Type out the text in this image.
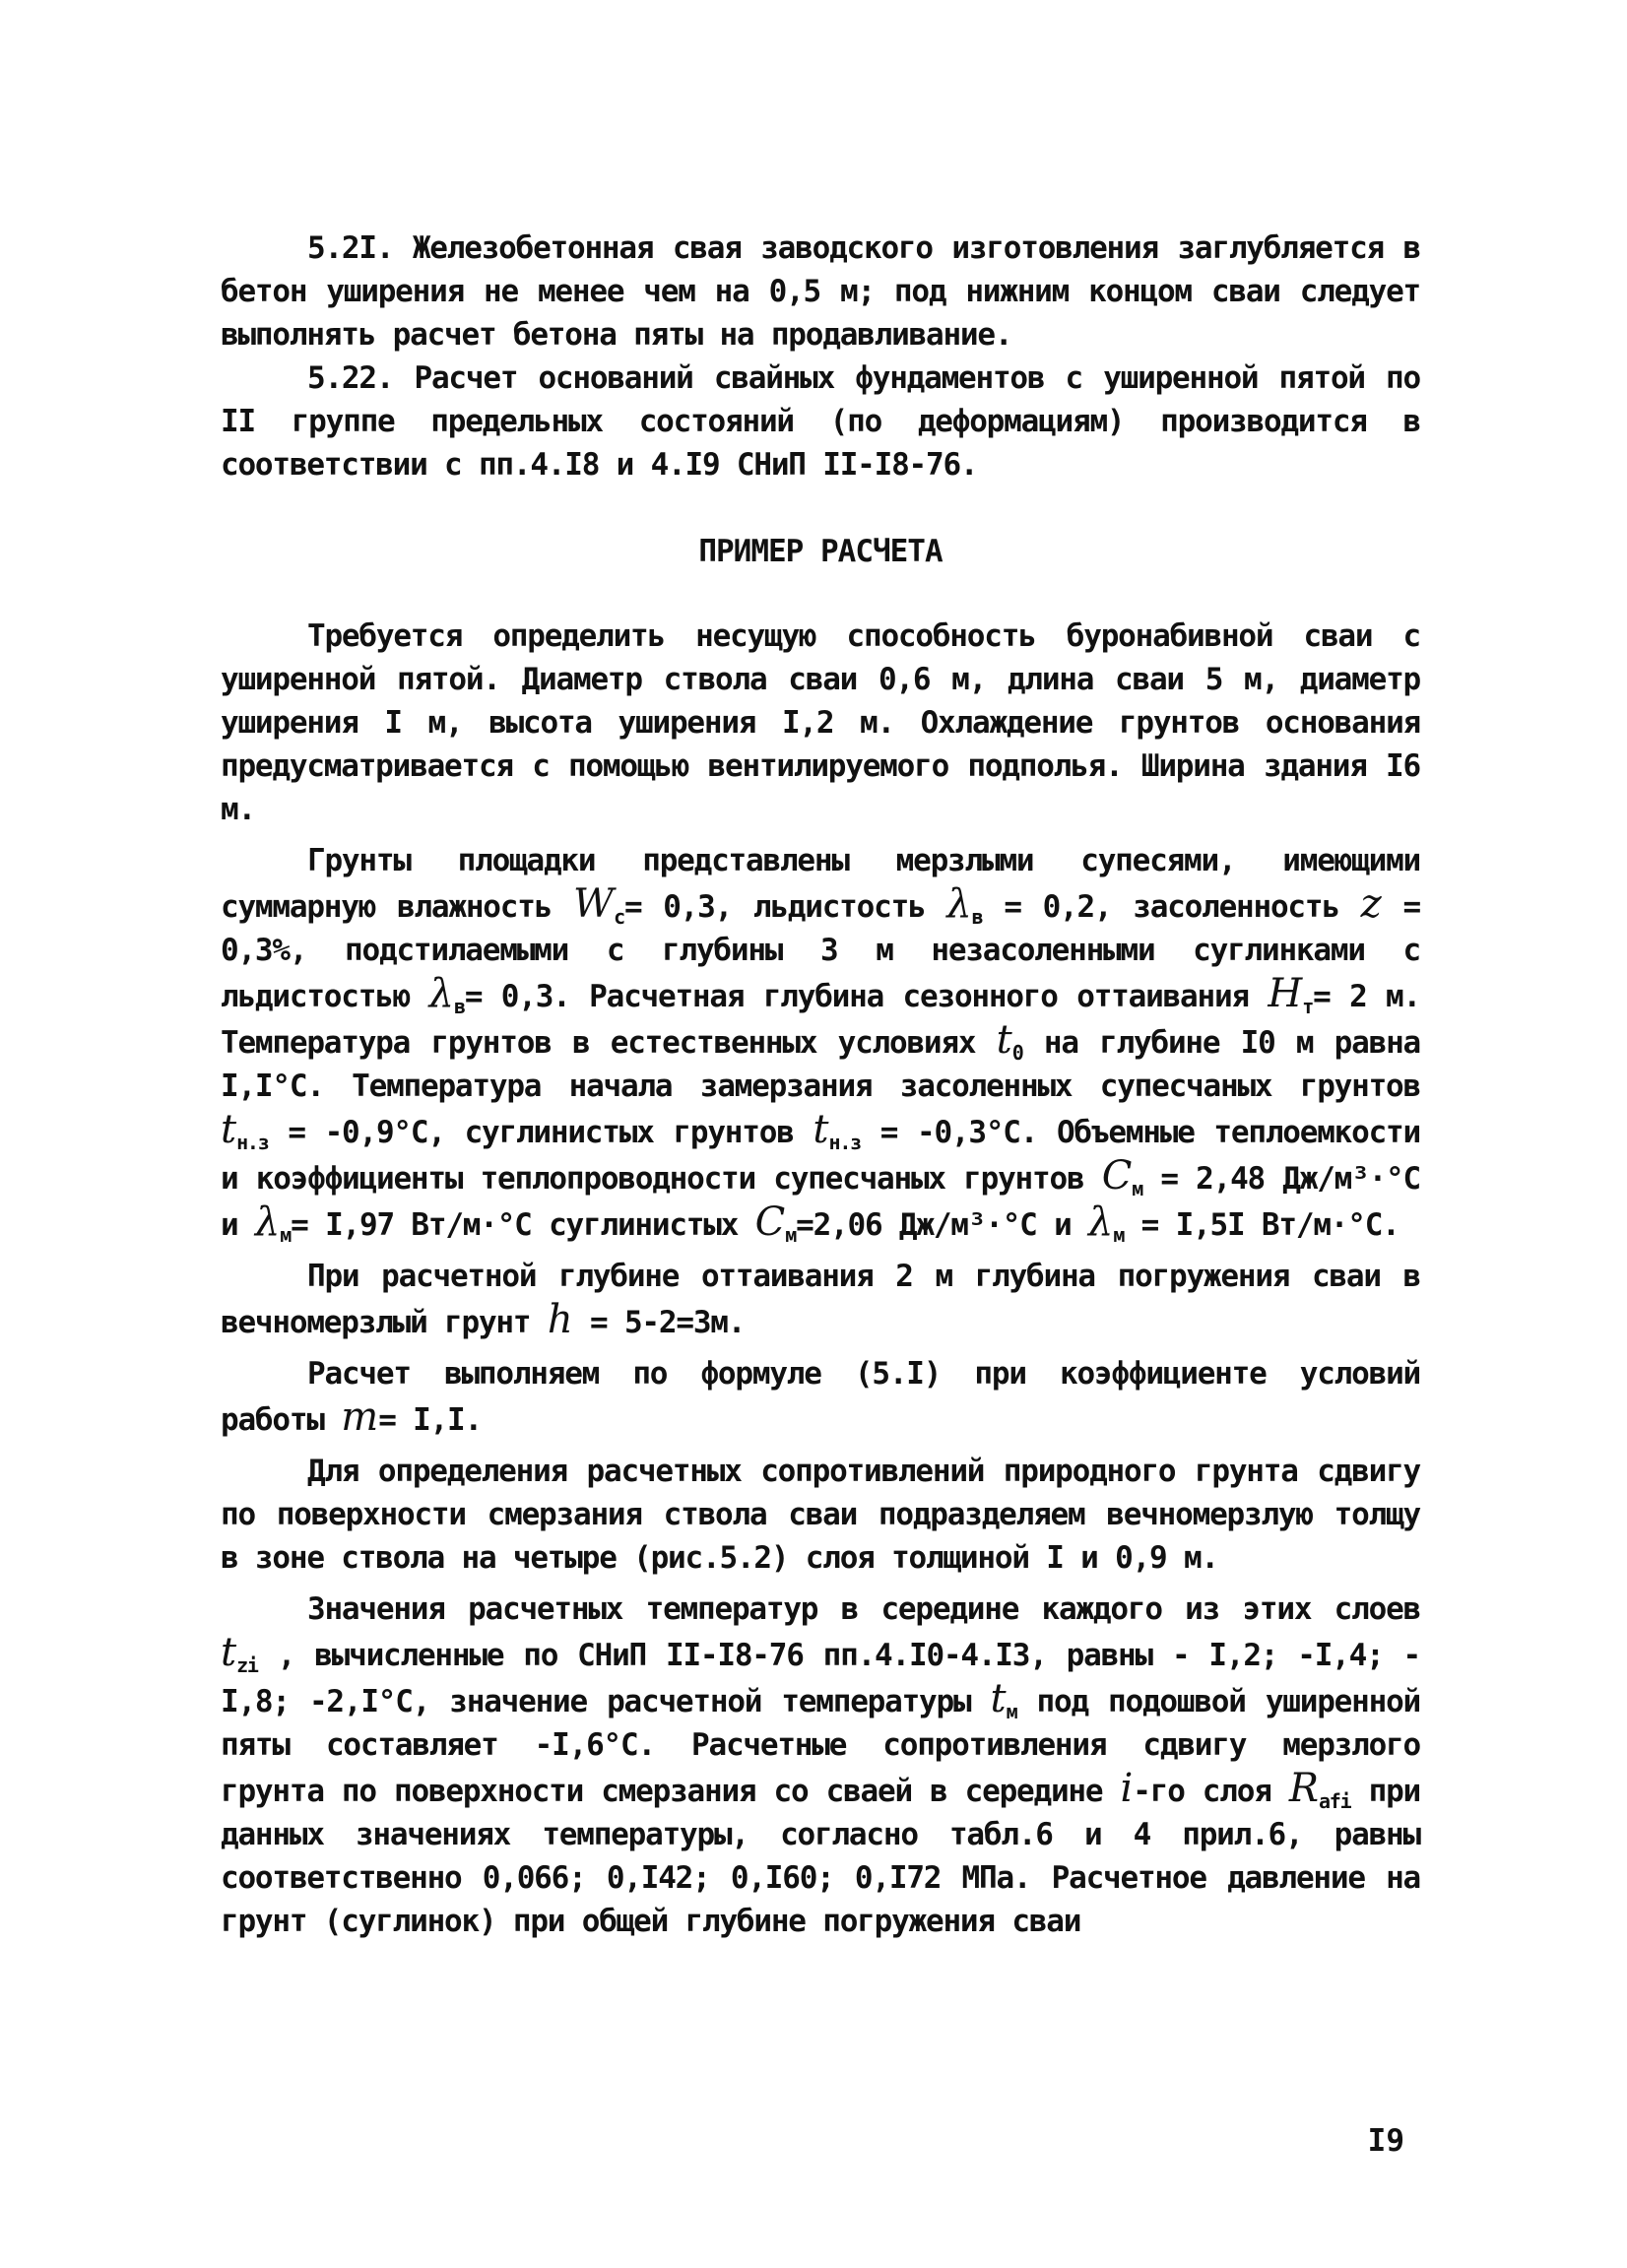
5.2I. Железобетонная свая заводского изготовления заглубляется в бетон уширения не менее чем на 0,5 м; под нижним концом сваи следует выполнять расчет бетона пяты на продавливание.

5.22. Расчет оснований свайных фундаментов с уширенной пятой по II группе предельных состояний (по деформациям) производится в соответствии с пп.4.I8 и 4.I9 СНиП II-I8-76.

ПРИМЕР РАСЧЕТА

Требуется определить несущую способность буронабивной сваи с уширенной пятой. Диаметр ствола сваи 0,6 м, длина сваи 5 м, диаметр уширения I м, высота уширения I,2 м. Охлаждение грунтов основания предусматривается с помощью вентилируемого подполья. Ширина здания I6 м.

Грунты площадки представлены мерзлыми супесями, имеющими суммарную влажность $W_c= 0,3$, льдистость $\lambda_в = 0,2$, засоленность z = 0,3%, подстилаемыми с глубины 3 м незасоленными суглинками с льдистостью $\lambda_в= 0,3$. Расчетная глубина сезонного оттаивания $H_т= 2$ м. Температура грунтов в естественных условиях $t_0$ на глубине I0 м равна I,I°С. Температура начала замерзания засоленных супесчаных грунтов $t_{н.з} = -0,9^\circ С$, суглинистых грунтов $t_{н.з} = -0,3^\circ С$. Объемные теплоемкости и коэффициенты теплопроводности супесчаных грунтов $C_м = 2,48$ Дж/м³·°С и $\lambda_м= I,97$ Вт/м·°С суглинистых $C_м=2,06$ Дж/м³·°С и $\lambda_м = I,5I$ Вт/м·°С.

При расчетной глубине оттаивания 2 м глубина погружения сваи в вечномерзлый грунт h = 5-2=3м.

Расчет выполняем по формуле (5.I) при коэффициенте условий работы m= I,I.

Для определения расчетных сопротивлений природного грунта сдвигу по поверхности смерзания ствола сваи подразделяем вечномерзлую толщу в зоне ствола на четыре (рис.5.2) слоя толщиной I и 0,9 м.

Значения расчетных температур в середине каждого из этих слоев $t_{zi}$ , вычисленные по СНиП II-I8-76 пп.4.I0-4.I3, равны - I,2; -I,4; -I,8; -2,I°С, значение расчетной температуры $t_м$ под подошвой уширенной пяты составляет -I,6°С. Расчетные сопротивления сдвигу мерзлого грунта по поверхности смерзания со сваей в середине i-го слоя $R_{afi}$ при данных значениях температуры, согласно табл.6 и 4 прил.6, равны соответственно 0,066; 0,I42; 0,I60; 0,I72 МПа. Расчетное давление на грунт (суглинок) при общей глубине погружения сваи

I9
